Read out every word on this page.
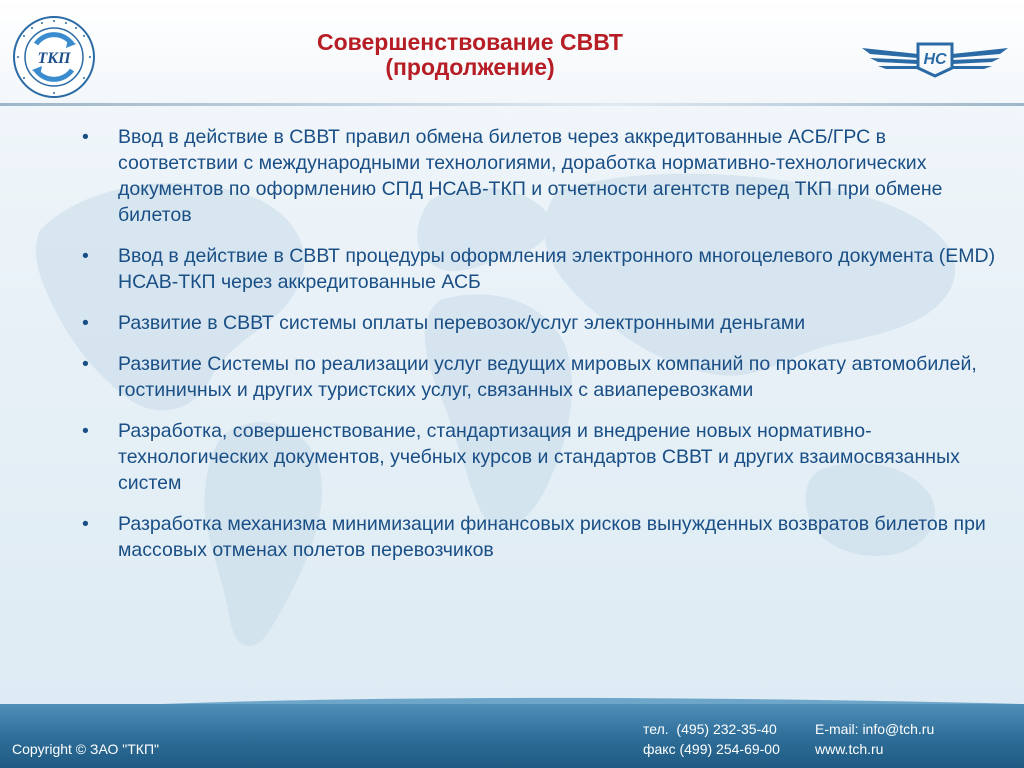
ТКП	НС
Совершенствование СВВТ
(продолжение)
•	Ввод в действие в СВВТ правил обмена билетов через аккредитованные АСБ/ГРС в соответствии с международными технологиями, доработка нормативно-технологических документов по оформлению СПД НСАВ-ТКП и отчетности агентств перед ТКП при обмене билетов
•	Ввод в действие в СВВТ процедуры оформления электронного многоцелевого документа (EMD) НСАВ-ТКП через аккредитованные АСБ
•	Развитие в СВВТ системы оплаты перевозок/услуг электронными деньгами
•	Развитие Системы по реализации услуг ведущих мировых компаний по прокату автомобилей, гостиничных и других туристских услуг, связанных с авиаперевозками
•	Разработка, совершенствование, стандартизация и внедрение новых нормативно-технологических документов, учебных курсов и стандартов СВВТ и других взаимосвязанных систем
•	Разработка механизма минимизации финансовых рисков вынужденных возвратов билетов при массовых отменах полетов перевозчиков
Copyright © ЗАО "ТКП"
тел.  (495) 232-35-40
факс (499) 254-69-00
E-mail: info@tch.ru
www.tch.ru
